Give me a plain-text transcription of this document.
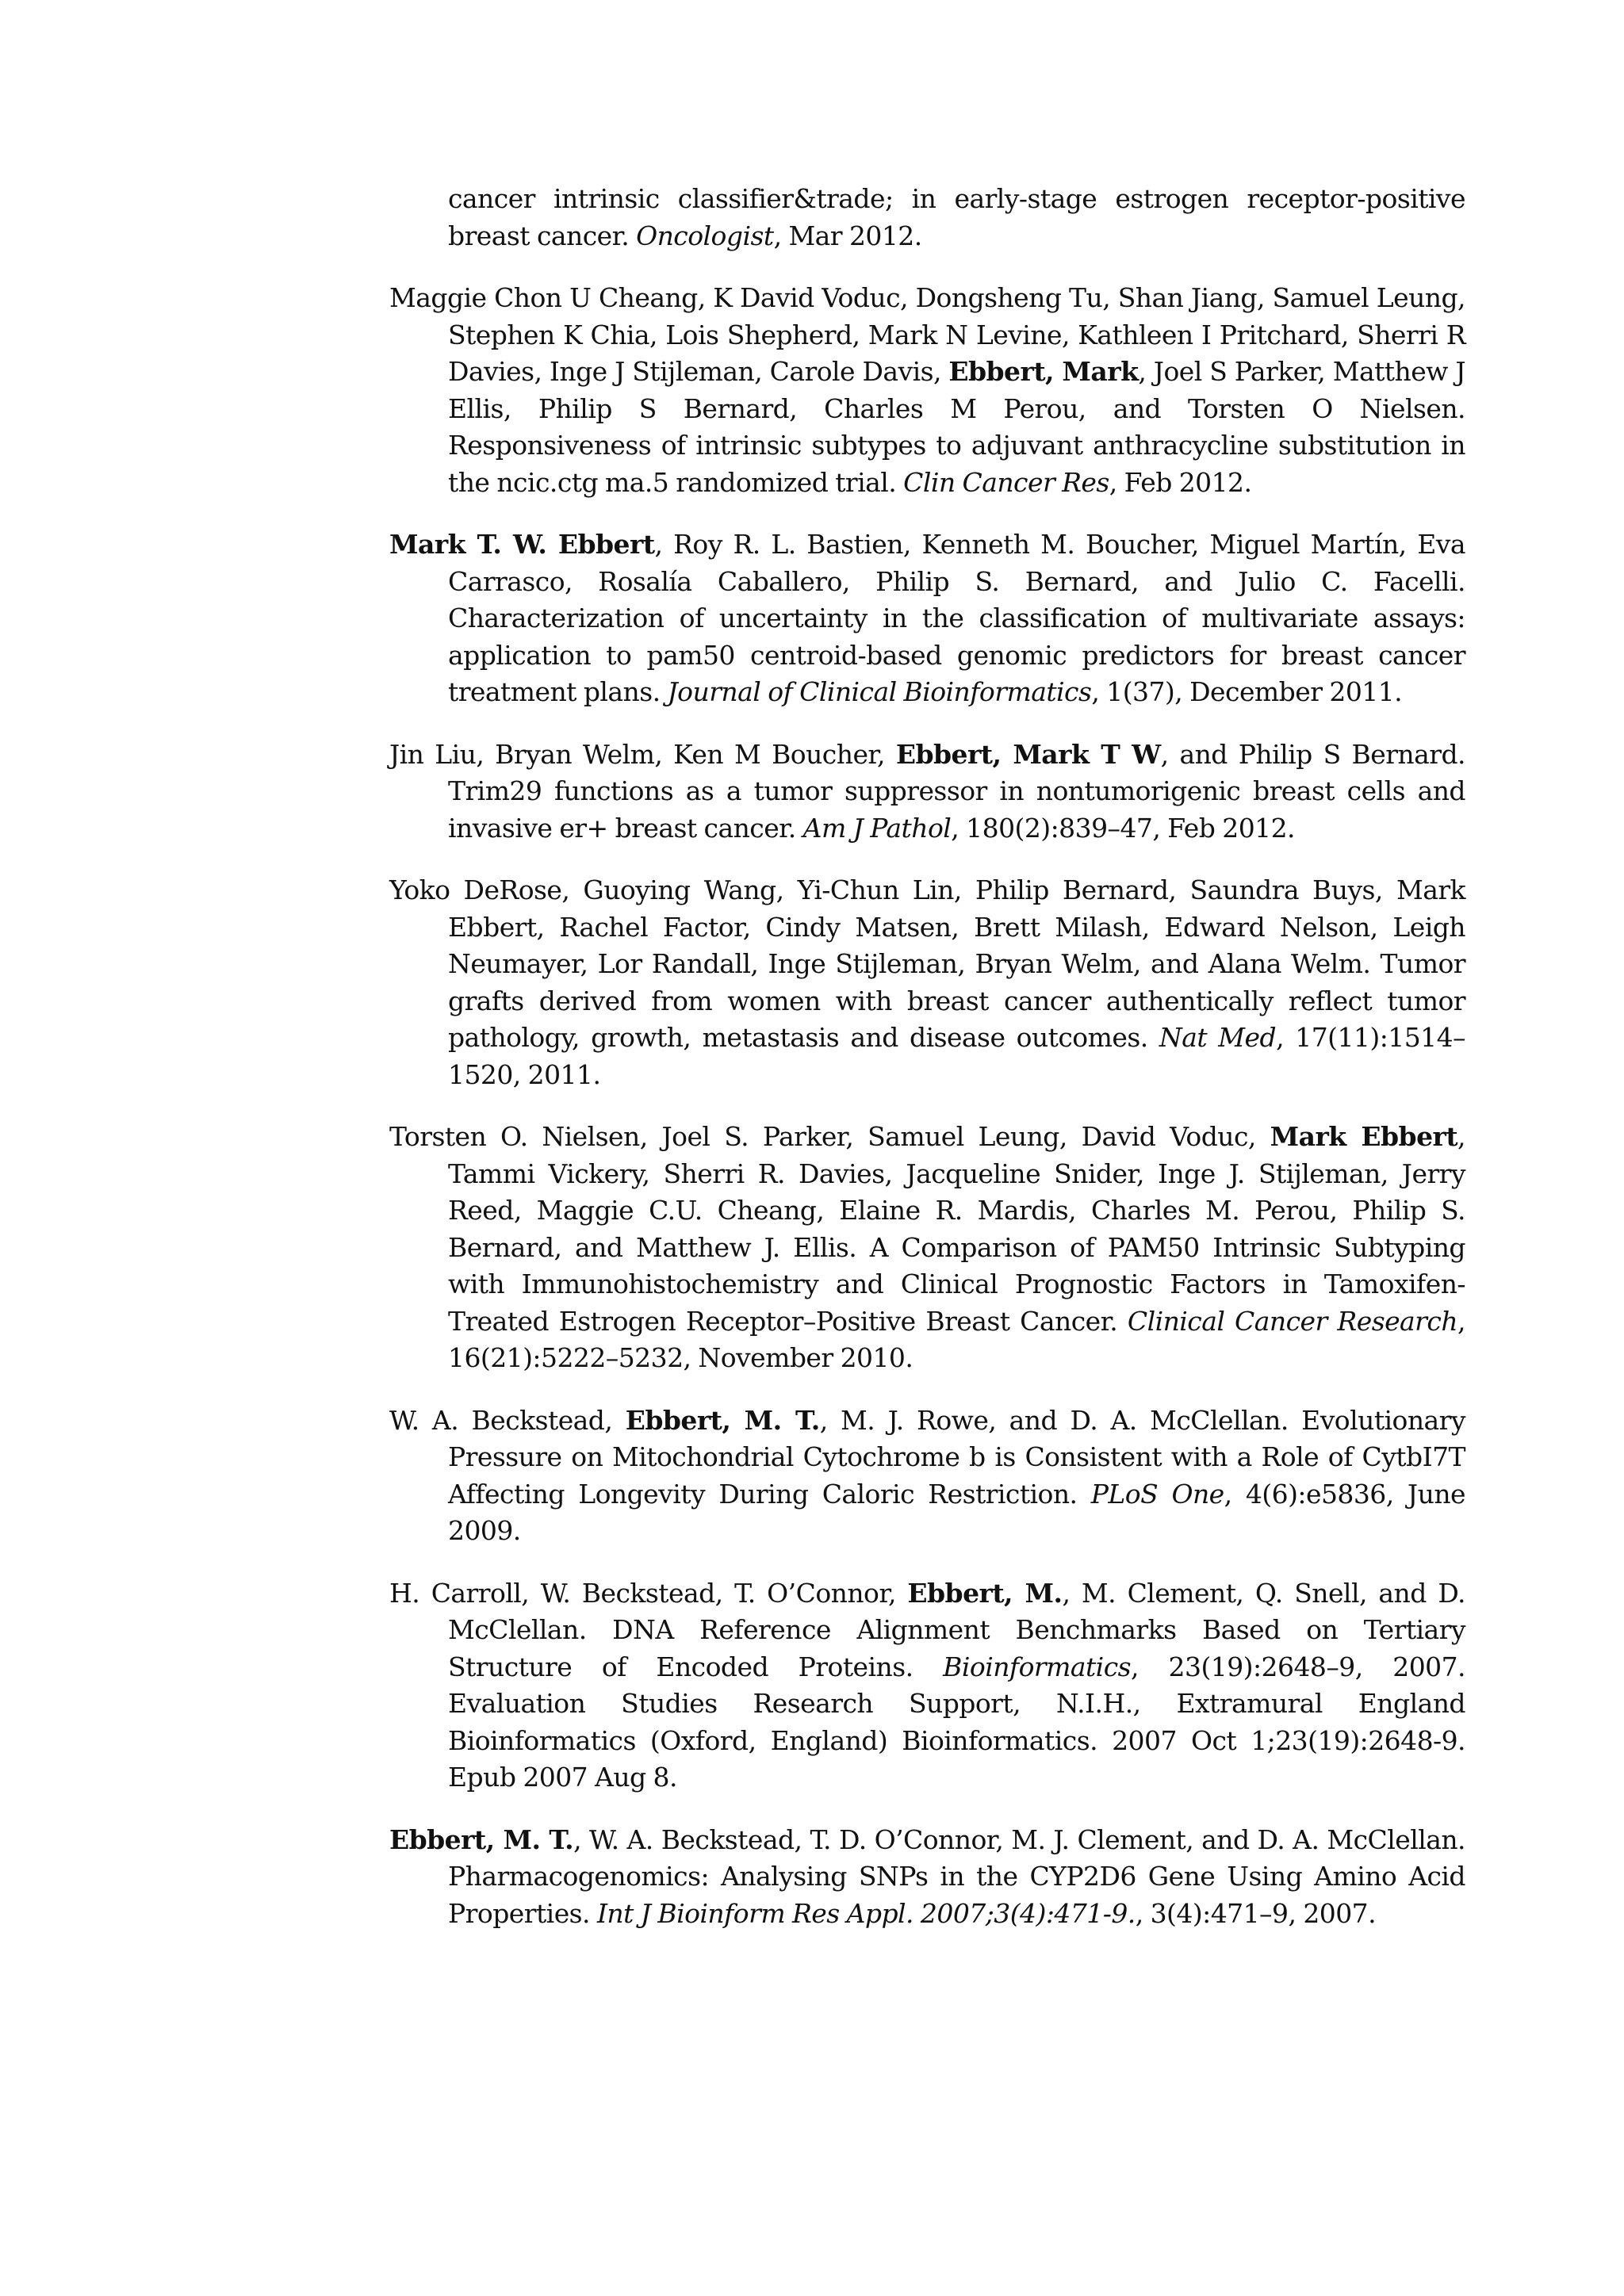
cancer intrinsic classifier&trade; in early-stage estrogen receptor-positive breast cancer. Oncologist, Mar 2012.

Maggie Chon U Cheang, K David Voduc, Dongsheng Tu, Shan Jiang, Samuel Leung, Stephen K Chia, Lois Shepherd, Mark N Levine, Kathleen I Pritchard, Sherri R Davies, Inge J Stijleman, Carole Davis, Ebbert, Mark, Joel S Parker, Matthew J Ellis, Philip S Bernard, Charles M Perou, and Torsten O Nielsen. Responsiveness of intrinsic subtypes to adjuvant anthracycline substitution in the ncic.ctg ma.5 randomized trial. Clin Cancer Res, Feb 2012.

Mark T. W. Ebbert, Roy R. L. Bastien, Kenneth M. Boucher, Miguel Martín, Eva Carrasco, Rosalía Caballero, Philip S. Bernard, and Julio C. Facelli. Characterization of uncertainty in the classification of multivariate assays: application to pam50 centroid-based genomic predictors for breast cancer treatment plans. Journal of Clinical Bioinformatics, 1(37), December 2011.

Jin Liu, Bryan Welm, Ken M Boucher, Ebbert, Mark T W, and Philip S Bernard. Trim29 functions as a tumor suppressor in nontumorigenic breast cells and invasive er+ breast cancer. Am J Pathol, 180(2):839–47, Feb 2012.

Yoko DeRose, Guoying Wang, Yi-Chun Lin, Philip Bernard, Saundra Buys, Mark Ebbert, Rachel Factor, Cindy Matsen, Brett Milash, Edward Nelson, Leigh Neumayer, Lor Randall, Inge Stijleman, Bryan Welm, and Alana Welm. Tumor grafts derived from women with breast cancer authentically reflect tumor pathology, growth, metastasis and disease outcomes. Nat Med, 17(11):1514–1520, 2011.

Torsten O. Nielsen, Joel S. Parker, Samuel Leung, David Voduc, Mark Ebbert, Tammi Vickery, Sherri R. Davies, Jacqueline Snider, Inge J. Stijleman, Jerry Reed, Maggie C.U. Cheang, Elaine R. Mardis, Charles M. Perou, Philip S. Bernard, and Matthew J. Ellis. A Comparison of PAM50 Intrinsic Subtyping with Immunohistochemistry and Clinical Prognostic Factors in Tamoxifen-Treated Estrogen Receptor–Positive Breast Cancer. Clinical Cancer Research, 16(21):5222–5232, November 2010.

W. A. Beckstead, Ebbert, M. T., M. J. Rowe, and D. A. McClellan. Evolutionary Pressure on Mitochondrial Cytochrome b is Consistent with a Role of CytbI7T Affecting Longevity During Caloric Restriction. PLoS One, 4(6):e5836, June 2009.

H. Carroll, W. Beckstead, T. O’Connor, Ebbert, M., M. Clement, Q. Snell, and D. McClellan. DNA Reference Alignment Benchmarks Based on Tertiary Structure of Encoded Proteins. Bioinformatics, 23(19):2648–9, 2007. Evaluation Studies Research Support, N.I.H., Extramural England Bioinformatics (Oxford, England) Bioinformatics. 2007 Oct 1;23(19):2648-9. Epub 2007 Aug 8.

Ebbert, M. T., W. A. Beckstead, T. D. O’Connor, M. J. Clement, and D. A. McClellan. Pharmacogenomics: Analysing SNPs in the CYP2D6 Gene Using Amino Acid Properties. Int J Bioinform Res Appl. 2007;3(4):471-9., 3(4):471–9, 2007.
